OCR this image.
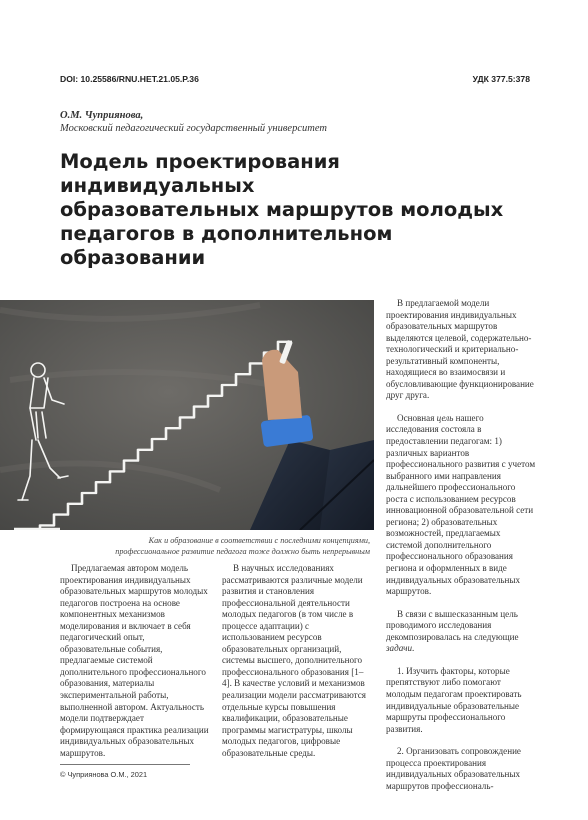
DOI: 10.25586/RNU.HET.21.05.P.36	УДК 377.5:378
О.М. Чуприянова,
Московский педагогический государственный университет
Модель проектирования индивидуальных
образовательных маршрутов молодых
педагогов в дополнительном образовании
Как и образование в соответствии с последними концепциями,
профессиональное развитие педагога тоже должно быть непрерывным

Предлагаемая автором модель проектирования индивидуальных образовательных маршрутов молодых педагогов построена на основе компонентных механизмов моделирования и включает в себя педагогический опыт, образовательные события, предлагаемые системой дополнительного профессионального образования, материалы экспериментальной работы, выполненной автором. Актуальность модели подтверждает формирующаяся практика реализации индивидуальных образовательных маршрутов.

В научных исследованиях рассматриваются различные модели развития и становления профессиональной деятельности молодых педагогов (в том числе в процессе адаптации) с использованием ресурсов образовательных организаций, системы высшего, дополнительного профессионального образования [1–4]. В качестве условий и механизмов реализации модели рассматриваются отдельные курсы повышения квалификации, образовательные программы магистратуры, школы молодых педагогов, цифровые образовательные среды.

В предлагаемой модели проектирования индивидуальных образовательных маршрутов выделяются целевой, содержательно-технологический и критериально-результативный компоненты, находящиеся во взаимосвязи и обусловливающие функционирование друг друга.

Основная цель нашего исследования состояла в предоставлении педагогам: 1) различных вариантов профессионального развития с учетом выбранного ими направления дальнейшего профессионального роста с использованием ресурсов инновационной образовательной сети региона; 2) образовательных возможностей, предлагаемых системой дополнительного профессионального образования региона и оформленных в виде индивидуальных образовательных маршрутов.

В связи с вышесказанным цель проводимого исследования декомпозировалась на следующие задачи.

1. Изучить факторы, которые препятствуют либо помогают молодым педагогам проектировать индивидуальные образовательные маршруты профессионального развития.

2. Организовать сопровождение процесса проектирования индивидуальных образовательных маршрутов профессиональ-

© Чуприянова О.М., 2021
